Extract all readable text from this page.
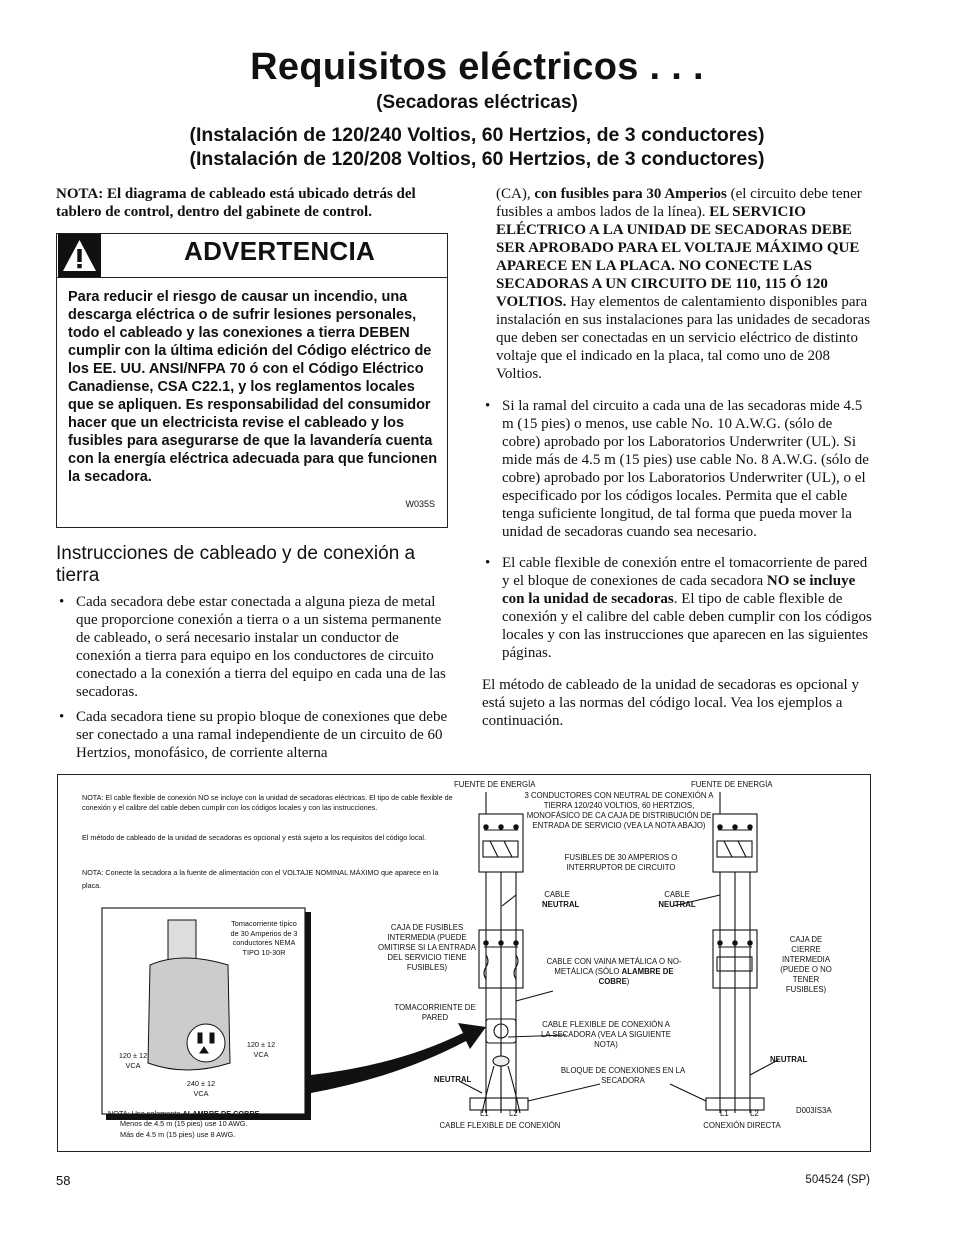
Requisitos eléctricos . . .
(Secadoras eléctricas)
(Instalación de 120/240 Voltios, 60 Hertzios, de 3 conductores)
(Instalación de 120/208 Voltios, 60 Hertzios, de 3 conductores)

NOTA: El diagrama de cableado está ubicado detrás del tablero de control, dentro del gabinete de control.

ADVERTENCIA
Para reducir el riesgo de causar un incendio, una descarga eléctrica o de sufrir lesiones personales, todo el cableado y las conexiones a tierra DEBEN cumplir con la última edición del Código eléctrico de los EE. UU. ANSI/NFPA 70 ó con el Código Eléctrico Canadiense, CSA C22.1, y los reglamentos locales que se apliquen. Es responsabilidad del consumidor hacer que un electricista revise el cableado y los fusibles para asegurarse de que la lavandería cuenta con la energía eléctrica adecuada para que funcionen la secadora.
W035S
Instrucciones de cableado y de conexión a tierra
• Cada secadora debe estar conectada a alguna pieza de metal que proporcione conexión a tierra o a un sistema permanente de cableado, o será necesario instalar un conductor de conexión a tierra para equipo en los conductores de circuito conectado a la conexión a tierra del equipo en cada una de las secadoras.
• Cada secadora tiene su propio bloque de conexiones que debe ser conectado a una ramal independiente de un circuito de 60 Hertzios, monofásico, de corriente alterna

(CA), con fusibles para 30 Amperios (el circuito debe tener fusibles a ambos lados de la línea). EL SERVICIO ELÉCTRICO A LA UNIDAD DE SECADORAS DEBE SER APROBADO PARA EL VOLTAJE MÁXIMO QUE APARECE EN LA PLACA. NO CONECTE LAS SECADORAS A UN CIRCUITO DE 110, 115 Ó 120 VOLTIOS. Hay elementos de calentamiento disponibles para instalación en sus instalaciones para las unidades de secadoras que deben ser conectadas en un servicio eléctrico de distinto voltaje que el indicado en la placa, tal como uno de 208 Voltios.

• Si la ramal del circuito a cada una de las secadoras mide 4.5 m (15 pies) o menos, use cable No. 10 A.W.G. (sólo de cobre) aprobado por los Laboratorios Underwriter (UL). Si mide más de 4.5 m (15 pies) use cable No. 8 A.W.G. (sólo de cobre) aprobado por los Laboratorios Underwriter (UL), o el especificado por los códigos locales. Permita que el cable tenga suficiente longitud, de tal forma que pueda mover la unidad de secadoras cuando sea necesario.
• El cable flexible de conexión entre el tomacorriente de pared y el bloque de conexiones de cada secadora NO se incluye con la unidad de secadoras. El tipo de cable flexible de conexión y el calibre del cable deben cumplir con los códigos locales y con las instrucciones que aparecen en las siguientes páginas.

El método de cableado de la unidad de secadoras es opcional y está sujeto a las normas del código local. Vea los ejemplos a continuación.

NOTA: El cable flexible de conexión NO se incluye con la unidad de secadoras eléctricas. El tipo de cable flexible de conexión y el calibre del cable deben cumplir con los códigos locales y con las instrucciones.
El método de cableado de la unidad de secadoras es opcional y está sujeto a los requisitos del código local.
NOTA: Conecte la secadora a la fuente de alimentación con el VOLTAJE NOMINAL MÁXIMO que aparece en la placa.
Tomacorriente típico de 30 Amperios de 3 conductores NEMA TIPO 10-30R
120 ± 12 VCA
120 ± 12 VCA
240 ± 12 VCA
NOTA: Use solamente ALAMBRE DE COBRE.
Menos de 4.5 m (15 pies) use 10 AWG.
Más de 4.5 m (15 pies) use 8 AWG.
FUENTE DE ENERGÍA	FUENTE DE ENERGÍA
3 CONDUCTORES CON NEUTRAL DE CONEXIÓN A TIERRA 120/240 VOLTIOS, 60 HERTZIOS, MONOFÁSICO DE CA CAJA DE DISTRIBUCIÓN DE ENTRADA DE SERVICIO (VEA LA NOTA ABAJO)
FUSIBLES DE 30 AMPERIOS O INTERRUPTOR DE CIRCUITO
CABLE
NEUTRAL
CABLE
NEUTRAL
CAJA DE FUSIBLES INTERMEDIA (PUEDE OMITIRSE SI LA ENTRADA DEL SERVICIO TIENE FUSIBLES)
CABLE CON VAINA METÁLICA O NO-METÁLICA (SÓLO ALAMBRE DE COBRE)
CAJA DE CIERRE INTERMEDIA (PUEDE O NO TENER FUSIBLES)
TOMACORRIENTE DE PARED
CABLE FLEXIBLE DE CONEXIÓN A LA SECADORA (VEA LA SIGUIENTE NOTA)
NEUTRAL
NEUTRAL
BLOQUE DE CONEXIONES EN LA SECADORA
L1	L2	L1	L2	D003IS3A
CABLE FLEXIBLE DE CONEXIÓN	CONEXIÓN DIRECTA
58	504524 (SP)
